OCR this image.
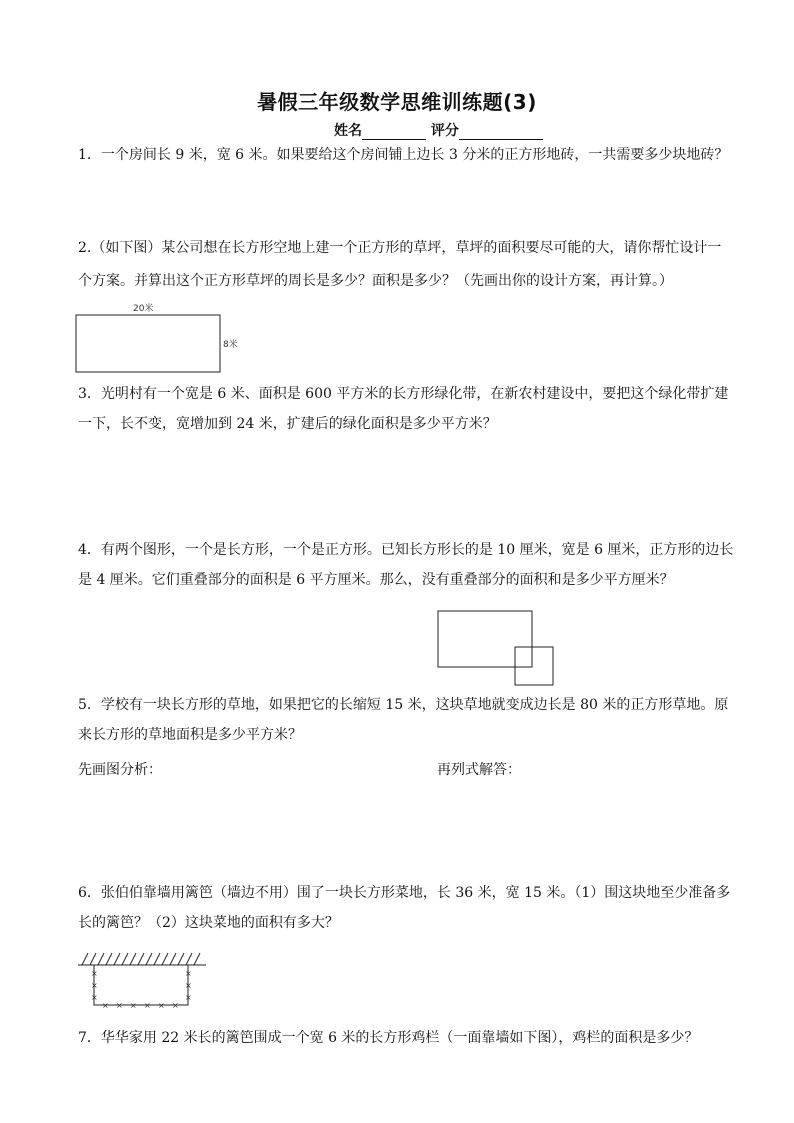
暑假三年级数学思维训练题(3)
姓名	评分
1．一个房间长 9 米，宽 6 米。如果要给这个房间铺上边长 3 分米的正方形地砖，一共需要多少块地砖？
2.（如下图）某公司想在长方形空地上建一个正方形的草坪，草坪的面积要尽可能的大，请你帮忙设计一
个方案。并算出这个正方形草坪的周长是多少？面积是多少？（先画出你的设计方案，再计算。）
20米
8米
3．光明村有一个宽是 6 米、面积是 600 平方米的长方形绿化带，在新农村建设中，要把这个绿化带扩建
一下，长不变，宽增加到 24 米，扩建后的绿化面积是多少平方米？
4．有两个图形，一个是长方形，一个是正方形。已知长方形长的是 10 厘米，宽是 6 厘米，正方形的边长
是 4 厘米。它们重叠部分的面积是 6 平方厘米。那么，没有重叠部分的面积和是多少平方厘米？
5．学校有一块长方形的草地，如果把它的长缩短 15 米，这块草地就变成边长是 80 米的正方形草地。原
来长方形的草地面积是多少平方米？
先画图分析：	再列式解答：
6．张伯伯靠墙用篱笆（墙边不用）围了一块长方形菜地，长 36 米，宽 15 米。（1）围这块地至少准备多
长的篱笆？（2）这块菜地的面积有多大？
×
×
×
×
×
×
× × × × × ×
7．华华家用 22 米长的篱笆围成一个宽 6 米的长方形鸡栏（一面靠墙如下图），鸡栏的面积是多少？
